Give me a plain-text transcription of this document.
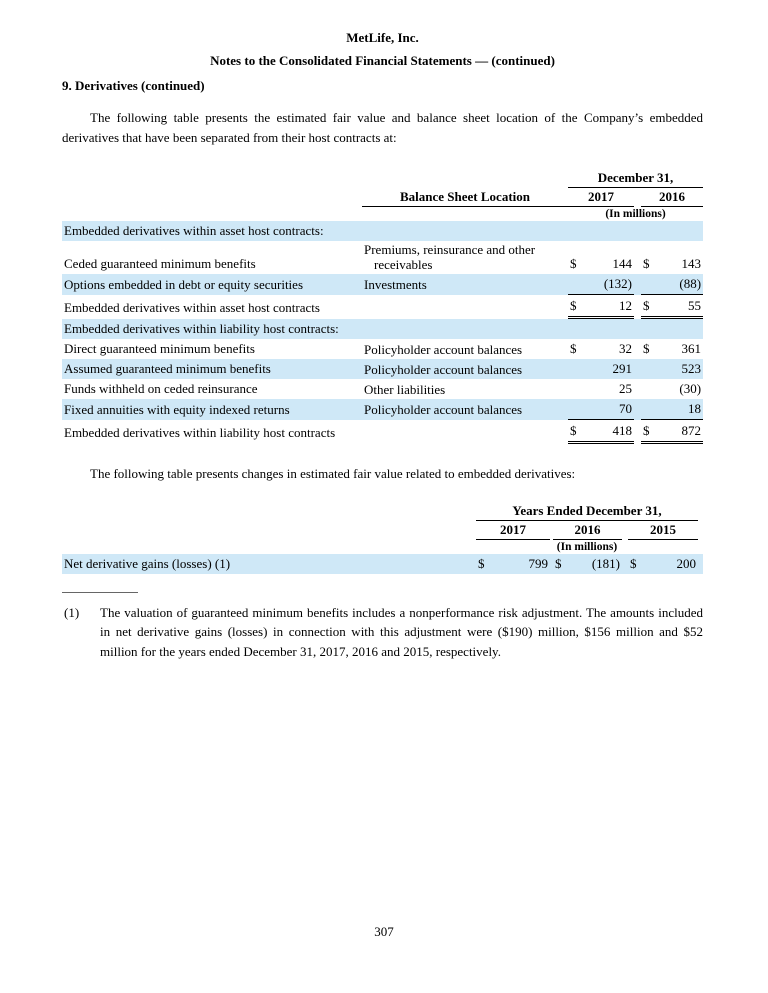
MetLife, Inc.
Notes to the Consolidated Financial Statements — (continued)
9. Derivatives (continued)
The following table presents the estimated fair value and balance sheet location of the Company’s embedded derivatives that have been separated from their host contracts at:
		December 31,				
	Balance Sheet Location	2017			2016	
		(In millions)				
Embedded derivatives within asset host contracts:						
Ceded guaranteed minimum benefits	Premiums, reinsurance and other receivables	$	144		$	143
Options embedded in debt or equity securities	Investments		(132)			(88)
Embedded derivatives within asset host contracts		$	12		$	55
Embedded derivatives within liability host contracts:						
Direct guaranteed minimum benefits	Policyholder account balances	$	32		$	361
Assumed guaranteed minimum benefits	Policyholder account balances		291			523
Funds withheld on ceded reinsurance	Other liabilities		25			(30)
Fixed annuities with equity indexed returns	Policyholder account balances		70			18
Embedded derivatives within liability host contracts		$	418		$	872
The following table presents changes in estimated fair value related to embedded derivatives:
	Years Ended December 31,								
	2017			2016			2015		
	(In millions)								
Net derivative gains (losses) (1)	$	799		$	(181)		$	200	
(1)	The valuation of guaranteed minimum benefits includes a nonperformance risk adjustment. The amounts included in net derivative gains (losses) in connection with this adjustment were ($190) million, $156 million and $52 million for the years ended December 31, 2017, 2016 and 2015, respectively.
307
